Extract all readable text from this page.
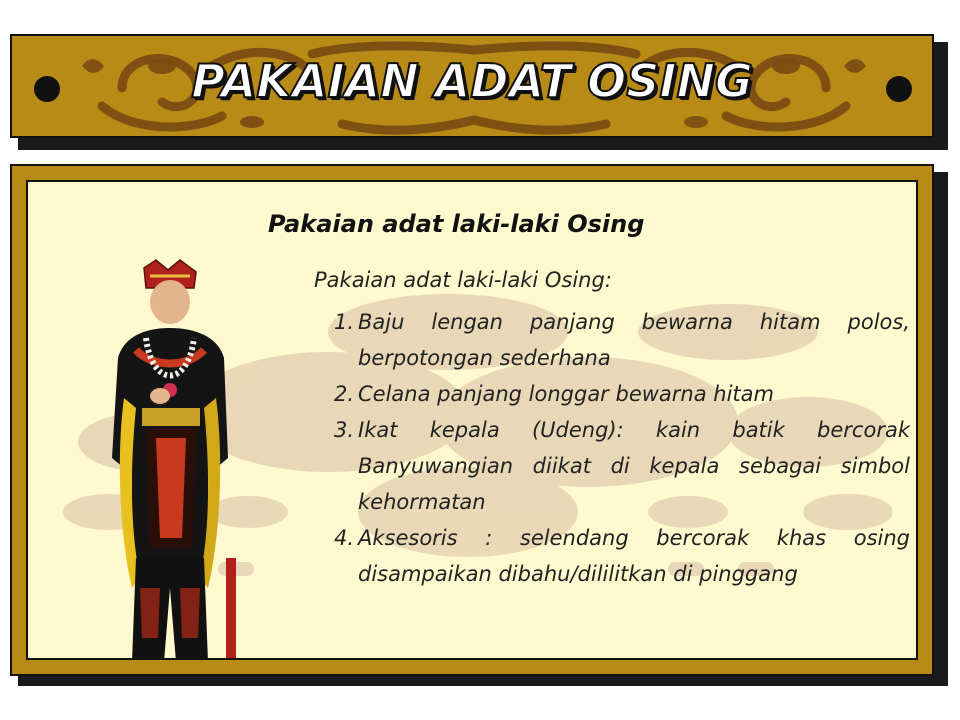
PAKAIAN ADAT OSING
Pakaian adat laki-laki Osing
Pakaian adat laki-laki Osing:
1. Baju lengan panjang bewarna hitam polos, berpotongan sederhana
2. Celana panjang longgar bewarna hitam
3. Ikat kepala (Udeng): kain batik bercorak Banyuwangian diikat di kepala sebagai simbol kehormatan
4. Aksesoris : selendang bercorak khas osing disampaikan dibahu/dililitkan di pinggang
